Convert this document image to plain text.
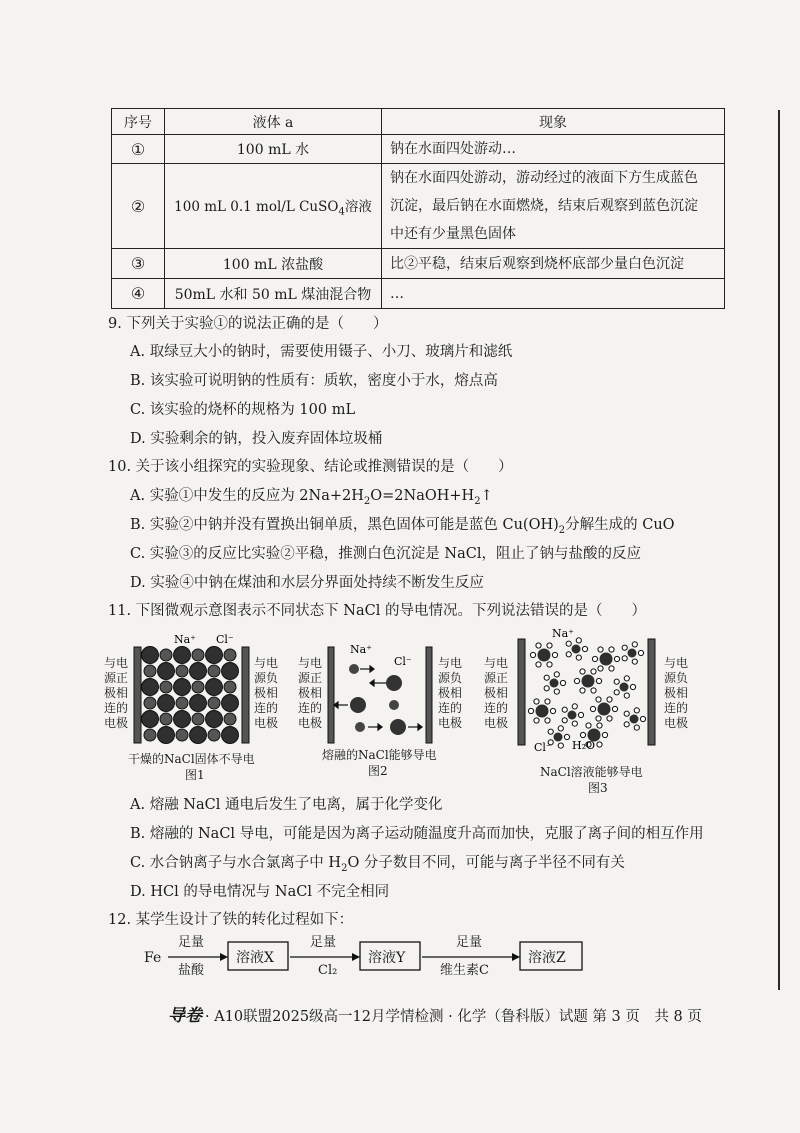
序号	液体 a	现象
①	100 mL 水	钠在水面四处游动…
②	100 mL 0.1 mol/L CuSO$_4$溶液	钠在水面四处游动，游动经过的液面下方生成蓝色
沉淀，最后钠在水面燃烧，结束后观察到蓝色沉淀
中还有少量黑色固体

③	100 mL 浓盐酸	比②平稳，结束后观察到烧杯底部少量白色沉淀
④	50mL 水和 50 mL 煤油混合物	…
9. 下列关于实验①的说法正确的是（　　）
A. 取绿豆大小的钠时，需要使用镊子、小刀、玻璃片和滤纸
B. 该实验可说明钠的性质有：质软，密度小于水，熔点高
C. 该实验的烧杯的规格为 100 mL
D. 实验剩余的钠，投入废弃固体垃圾桶
10. 关于该小组探究的实验现象、结论或推测错误的是（　　）
A. 实验①中发生的反应为 $2Na+2H_2O=2NaOH+H_2↑$
B. 实验②中钠并没有置换出铜单质，黑色固体可能是蓝色 $Cu(OH)_2$分解生成的 CuO
C. 实验③的反应比实验②平稳，推测白色沉淀是 NaCl，阻止了钠与盐酸的反应
D. 实验④中钠在煤油和水层分界面处持续不断发生反应
11. 下图微观示意图表示不同状态下 NaCl 的导电情况。下列说法错误的是（　　）
与电
源正
极相
连的
电极
Na⁺ Cl⁻
与电
源负
极相
连的
电极
干燥的NaCl固体不导电
图1
与电
源正
极相
连的
电极
Na⁺
Cl⁻ 与电
源负
极相
连的
电极
熔融的NaCl能够导电
图2
与电
源正
极相
连的
电极
Na⁺
Cl⁻ H₂O
与电
源负
极相
连的
电极
NaCl溶液能够导电
图3
A. 熔融 NaCl 通电后发生了电离，属于化学变化
B. 熔融的 NaCl 导电，可能是因为离子运动随温度升高而加快，克服了离子间的相互作用
C. 水合钠离子与水合氯离子中 $H_2O$ 分子数目不同，可能与离子半径不同有关
D. HCl 的导电情况与 NaCl 不完全相同
12. 某学生设计了铁的转化过程如下：
Fe
足量
盐酸
溶液X
足量
Cl₂
溶液Y
足量
维生素C
溶液Z
导卷 · A10联盟2025级高一12月学情检测 · 化学（鲁科版）试题 第 3 页　共 8 页
